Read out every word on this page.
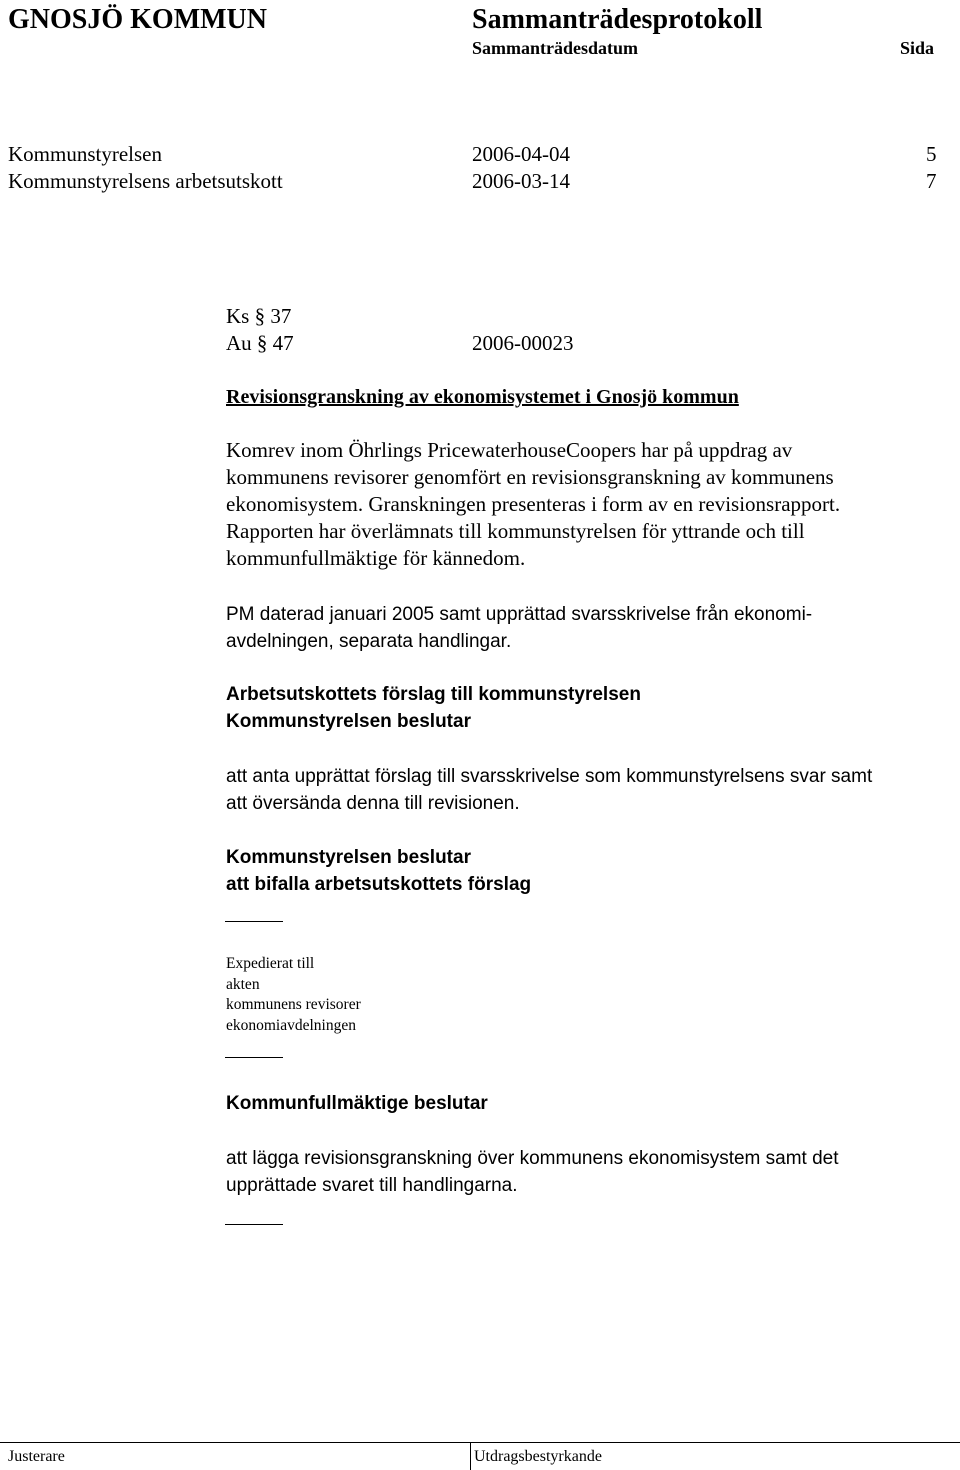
GNOSJÖ KOMMUN	Sammanträdesprotokoll
Sammanträdesdatum	Sida
Kommunstyrelsen	2006-04-04	5
Kommunstyrelsens arbetsutskott	2006-03-14	7
Ks § 37
Au § 47	2006-00023
Revisionsgranskning av ekonomisystemet i Gnosjö kommun

Komrev inom Öhrlings PricewaterhouseCoopers har på uppdrag av

kommunens revisorer genomfört en revisionsgranskning av kommunens

ekonomisystem. Granskningen presenteras i form av en revisionsrapport.

Rapporten har överlämnats till kommunstyrelsen för yttrande och till

kommunfullmäktige för kännedom.

PM daterad januari 2005 samt upprättad svarsskrivelse från ekonomi-

avdelningen, separata handlingar.

Arbetsutskottets förslag till kommunstyrelsen
Kommunstyrelsen beslutar

att anta upprättat förslag till svarsskrivelse som kommunstyrelsens svar samt

att översända denna till revisionen.

Kommunstyrelsen beslutar
att bifalla arbetsutskottets förslag

Expedierat till

akten

kommunens revisorer

ekonomiavdelningen

Kommunfullmäktige beslutar

att lägga revisionsgranskning över kommunens ekonomisystem samt det

upprättade svaret till handlingarna.

Justerare	Utdragsbestyrkande
